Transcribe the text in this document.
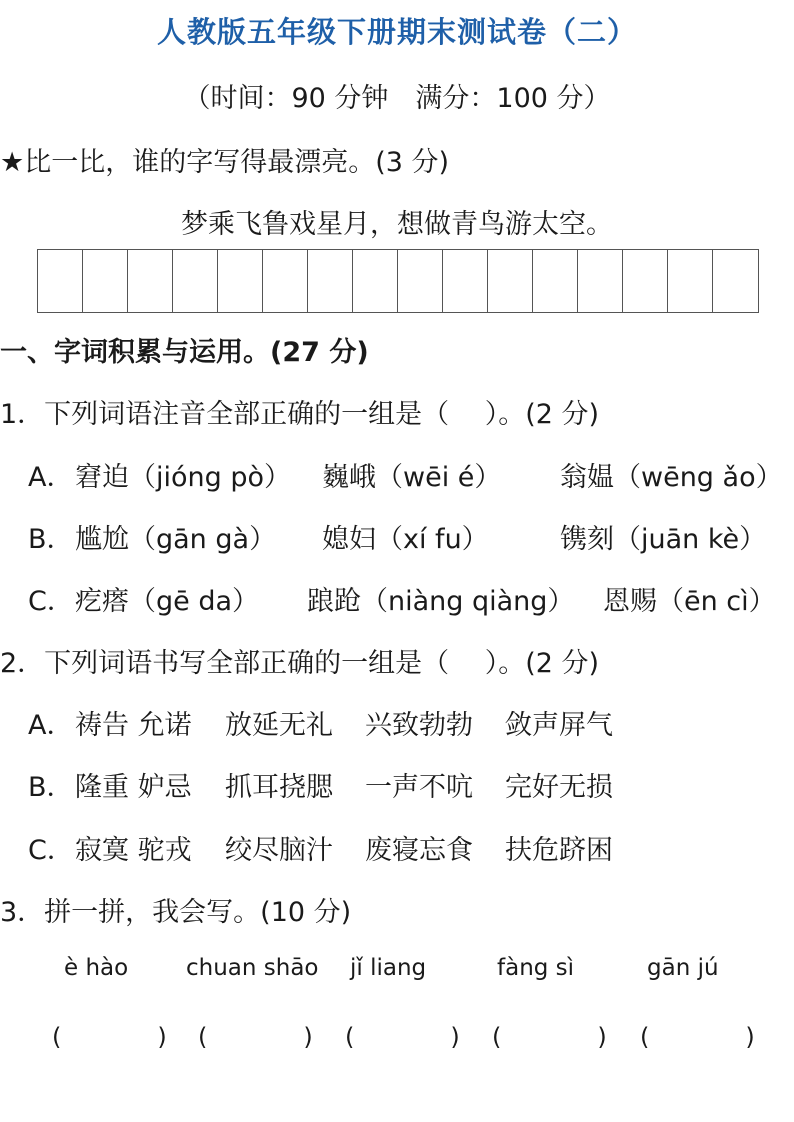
人教版五年级下册期末测试卷（二）
（时间：90 分钟　满分：100 分）
★比一比，谁的字写得最漂亮。(3 分)
梦乘飞鲁戏星月，想做青鸟游太空。
一、字词积累与运用。(27 分)
1．下列词语注音全部正确的一组是（　 ）。(2 分)
A． 窘迫（jióng pò） 巍峨（wēi é） 翁媪（wēng ǎo）
B． 尴尬（gān gà） 媳妇（xí fu）	镌刻（juān kè）
C． 疙瘩（gē da） 踉跄（niàng qiàng） 恩赐（ēn cì）
2．下列词语书写全部正确的一组是（　 ）。(2 分)
A． 祷告 允诺 放延无礼 兴致勃勃 敛声屏气
B． 隆重 妒忌 抓耳挠腮 一声不吭 完好无损
C． 寂寞 驼戎 绞尽脑汁 废寝忘食 扶危跻困
3．拼一拼，我会写。(10 分)
è hào	chuan shāo jǐ liang	fàng sì	gān jú
(　　　　) (　　　　) (　　　　) (　　　　) (　　　　)
